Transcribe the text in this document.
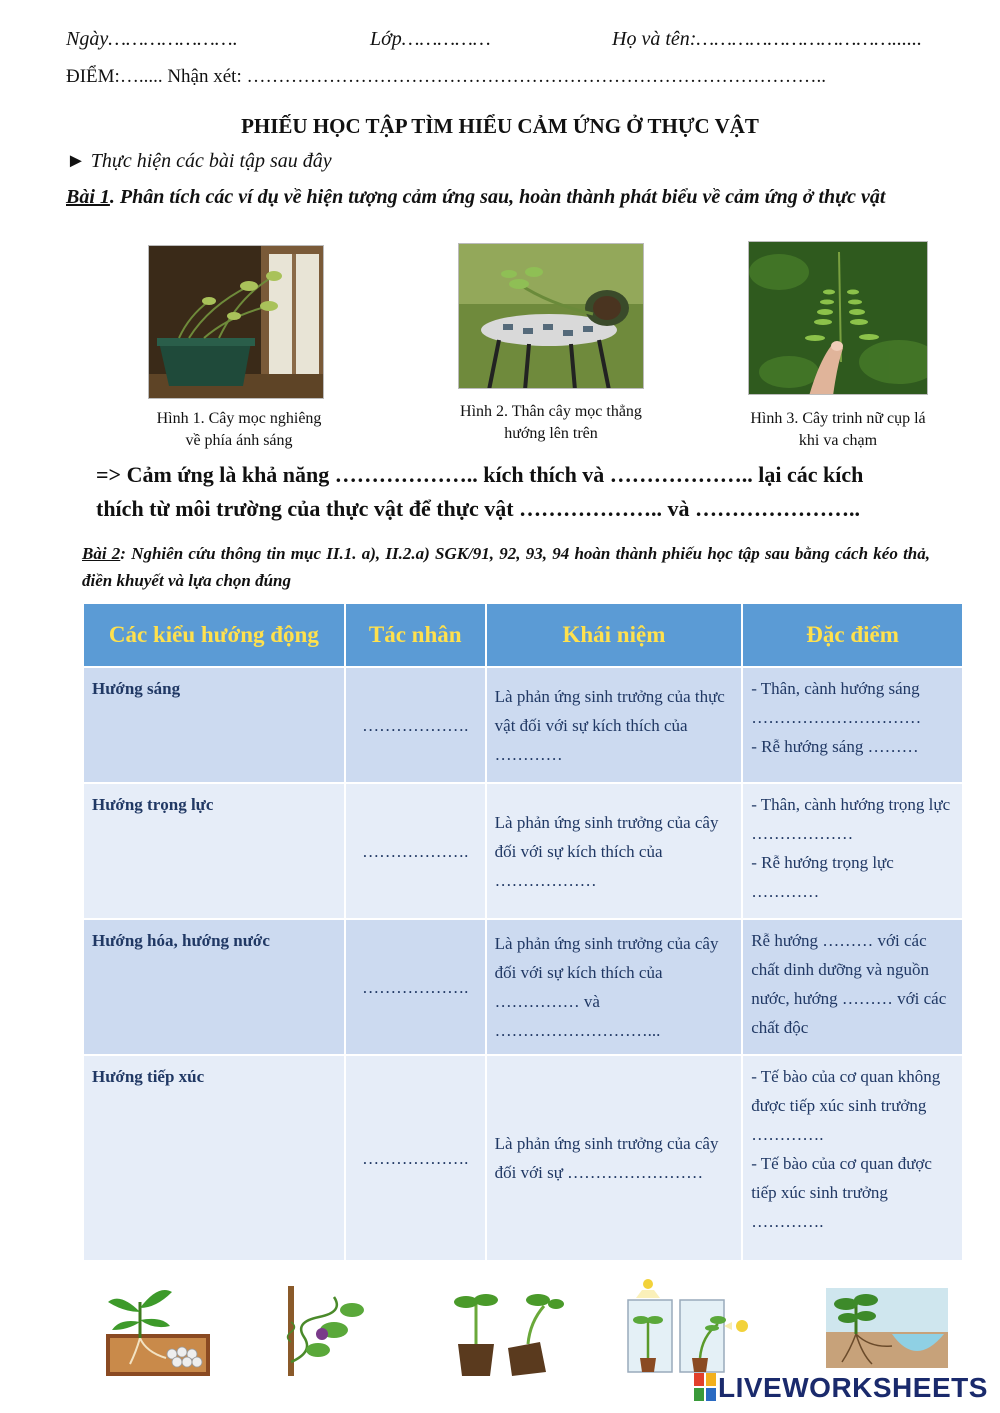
Ngày………………….	Lớp……………	Họ và tên:……………………………......
ĐIỂM:…..... Nhận xét: ………………………………………………………………………………..
PHIẾU HỌC TẬP TÌM HIỂU CẢM ỨNG Ở THỰC VẬT
► Thực hiện các bài tập sau đây
Bài 1. Phân tích các ví dụ về hiện tượng cảm ứng sau, hoàn thành phát biểu về cảm ứng ở thực vật
Hình 1. Cây mọc nghiêng
về phía ánh sáng
Hình 2. Thân cây mọc thẳng
hướng lên trên
Hình 3. Cây trinh nữ cụp lá
khi va chạm
=> Cảm ứng là khả năng ……………….. kích thích và ……………….. lại các kích
thích từ môi trường của thực vật để thực vật ……………….. và …………………..
Bài 2: Nghiên cứu thông tin mục II.1. a), II.2.a) SGK/91, 92, 93, 94 hoàn thành phiếu học tập sau bằng cách kéo thả, điền khuyết và lựa chọn đúng
Các kiểu hướng động	Tác nhân	Khái niệm	Đặc điểm
Hướng sáng	……………….	Là phản ứng sinh trưởng của thực vật đối với sự kích thích của …………	- Thân, cành hướng sáng …………………………
- Rễ hướng sáng ………

Hướng trọng lực	……………….	Là phản ứng sinh trưởng của cây đối với sự kích thích của ………………	- Thân, cành hướng trọng lực ………………
- Rễ hướng trọng lực …………

Hướng hóa, hướng nước	……………….	Là phản ứng sinh trưởng của cây đối với sự kích thích của …………… và ………………………...	Rễ hướng ……… với các chất dinh dưỡng và nguồn nước, hướng ……… với các chất độc

Hướng tiếp xúc	……………….	Là phản ứng sinh trưởng của cây đối với sự ……………………	- Tế bào của cơ quan không được tiếp xúc sinh trưởng ………….
- Tế bào của cơ quan được tiếp xúc sinh trưởng ………….
LIVEWORKSHEETS
